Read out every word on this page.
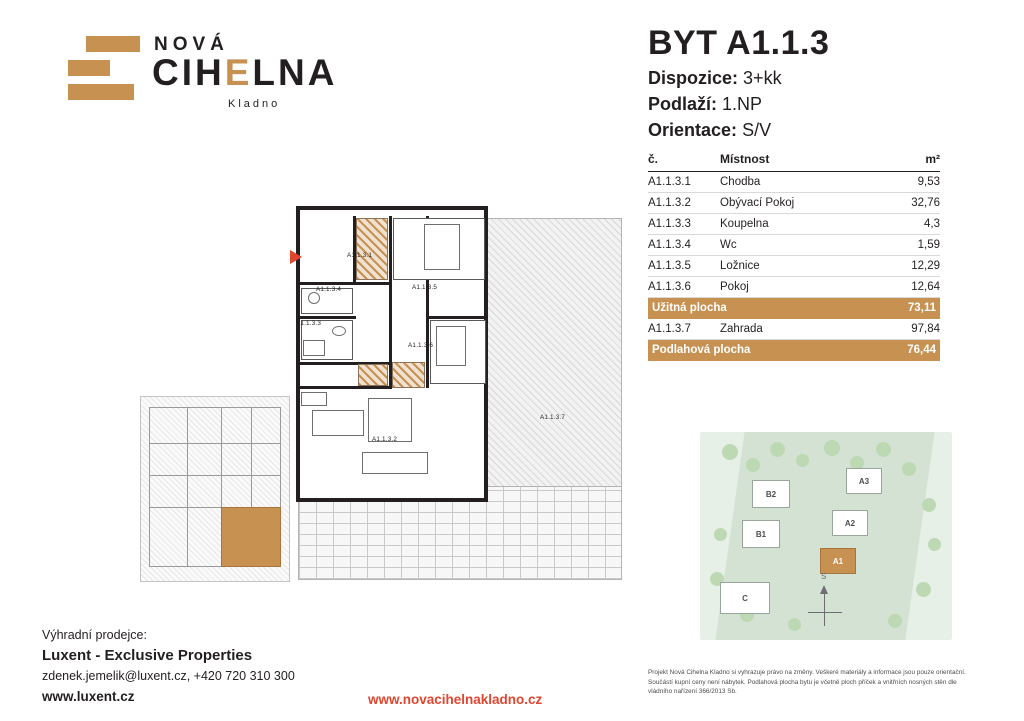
NOVÁ
CIHELNA
Kladno
BYT A1.1.3
Dispozice: 3+kk
Podlaží: 1.NP
Orientace: S/V
č.	Místnost	m²
A1.1.3.1	Chodba	9,53
A1.1.3.2	Obývací Pokoj	32,76
A1.1.3.3	Koupelna	4,3
A1.1.3.4	Wc	1,59
A1.1.3.5	Ložnice	12,29
A1.1.3.6	Pokoj	12,64
Užitná plocha		73,11
A1.1.3.7	Zahrada	97,84
Podlahová plocha		76,44
A1.1.3.7
A1.1.3.1
A1.1.3.4
A1.1.3.3
A1.1.3.5
A1.1.3.6
A1.1.3.2
B2
A3
B1
A2
A1
C
S
Výhradní prodejce:
Luxent - Exclusive Properties
zdenek.jemelik@luxent.cz, +420 720 310 300
www.luxent.cz	www.novacihelnakladno.cz
Projekt Nová Cihelna Kladno si vyhrazuje právo na změny. Veškeré materiály a informace jsou pouze orientační. Součástí kupní ceny není nábytek. Podlahová plocha bytu je včetně ploch příček a vnitřních nosných stěn dle vládního nařízení 366/2013 Sb.
